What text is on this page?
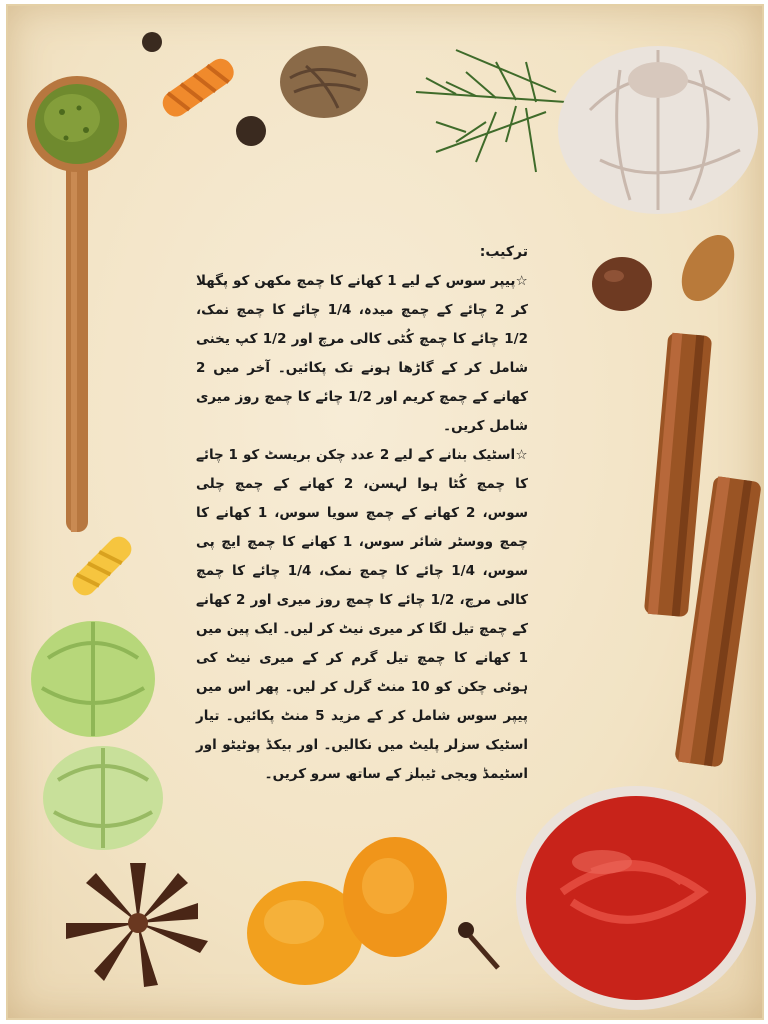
ترکیب:

☆پیپر سوس کے لیے 1 کھانے کا چمچ مکھن کو پگھلا کر 2 چائے کے چمچ میدہ، 1/4 چائے کا چمچ نمک، 1/2 چائے کا چمچ کُٹی کالی مرچ اور 1/2 کپ یخنی شامل کر کے گاڑھا ہونے تک پکائیں۔ آخر میں 2 کھانے کے چمچ کریم اور 1/2 چائے کا چمچ روز میری شامل کریں۔

☆اسٹیک بنانے کے لیے 2 عدد چکن بریسٹ کو 1 چائے کا چمچ کُٹا ہوا لہسن، 2 کھانے کے چمچ چلی سوس، 2 کھانے کے چمچ سویا سوس، 1 کھانے کا چمچ ووسٹر شائر سوس، 1 کھانے کا چمچ ایچ پی سوس، 1/4 چائے کا چمچ نمک، 1/4 چائے کا چمچ کالی مرچ، 1/2 چائے کا چمچ روز میری اور 2 کھانے کے چمچ تیل لگا کر میری نیٹ کر لیں۔ ایک پین میں 1 کھانے کا چمچ تیل گرم کر کے میری نیٹ کی ہوئی چکن کو 10 منٹ گرل کر لیں۔ پھر اس میں پیپر سوس شامل کر کے مزید 5 منٹ پکائیں۔ تیار اسٹیک سزلر پلیٹ میں نکالیں۔ اور بیکڈ پوٹیٹو اور اسٹیمڈ ویجی ٹیبلز کے ساتھ سرو کریں۔
